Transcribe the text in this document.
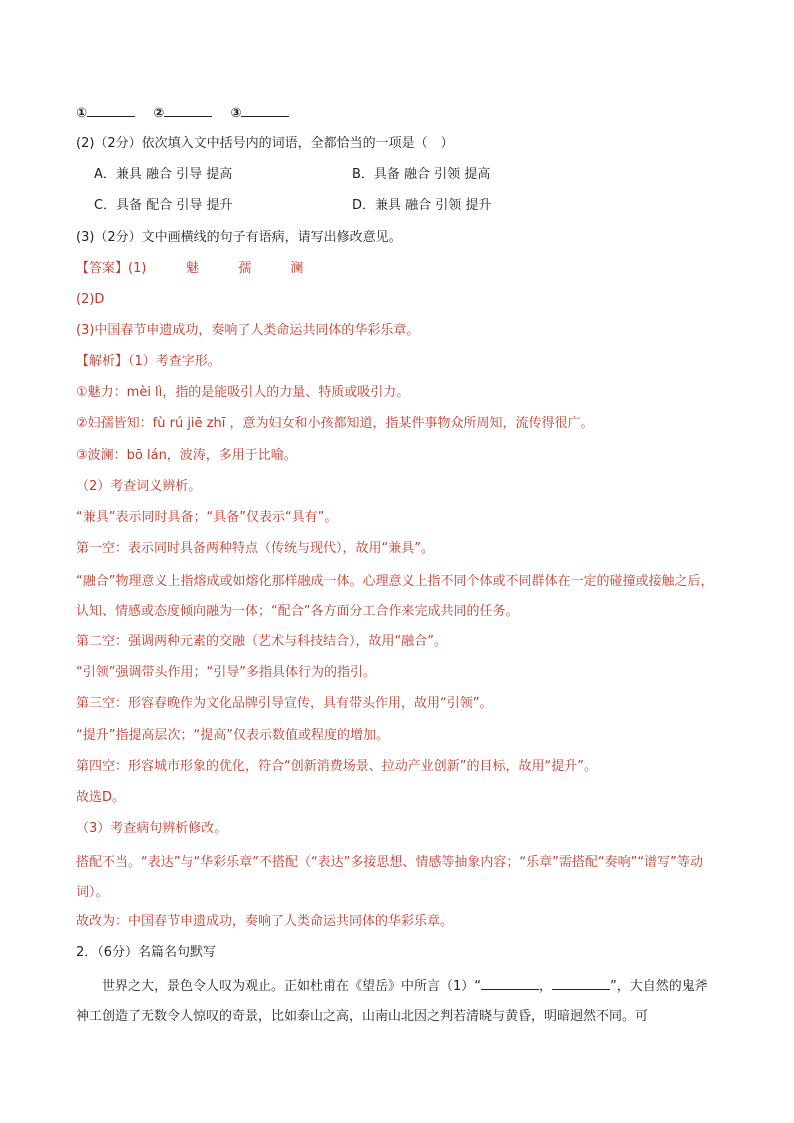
①	②	③
(2)（2分）依次填入文中括号内的词语，全都恰当的一项是（　）
A．兼具 融合 引导 提高	B．具备 融合 引领 提高
C．具备 配合 引导 提升	D．兼具 融合 引领 提升
(3)（2分）文中画横线的句子有语病，请写出修改意见。
【答案】(1)	魅	孺	澜
(2)D
(3)中国春节申遗成功，奏响了人类命运共同体的华彩乐章。
【解析】（1）考查字形。
①魅力：mèi lì，指的是能吸引人的力量、特质或吸引力。
②妇孺皆知：fù rú jiē zhī ，意为妇女和小孩都知道，指某件事物众所周知，流传得很广。
③波澜：bō lán，波涛，多用于比喻。
（2）考查词义辨析。
“兼具”表示同时具备；“具备”仅表示“具有”。
第一空：表示同时具备两种特点（传统与现代），故用“兼具”。
“融合”物理意义上指熔成或如熔化那样融成一体。心理意义上指不同个体或不同群体在一定的碰撞或接触之后，认知、情感或态度倾向融为一体；“配合”各方面分工合作来完成共同的任务。
第二空：强调两种元素的交融（艺术与科技结合），故用“融合”。
“引领”强调带头作用；“引导”多指具体行为的指引。
第三空：形容春晚作为文化品牌引导宣传，具有带头作用，故用“引领”。
“提升”指提高层次；“提高”仅表示数值或程度的增加。
第四空：形容城市形象的优化，符合“创新消费场景、拉动产业创新”的目标，故用“提升”。
故选D。
（3）考查病句辨析修改。
搭配不当。“表达”与“华彩乐章”不搭配（“表达”多接思想、情感等抽象内容；“乐章”需搭配“奏响”“谱写”等动词）。
故改为：中国春节申遗成功，奏响了人类命运共同体的华彩乐章。
2．（6分）名篇名句默写
世界之大，景色令人叹为观止。正如杜甫在《望岳》中所言（1）“	，	”，大自然的鬼斧神工创造了无数令人惊叹的奇景，比如泰山之高，山南山北因之判若清晓与黄昏，明暗迥然不同。可
